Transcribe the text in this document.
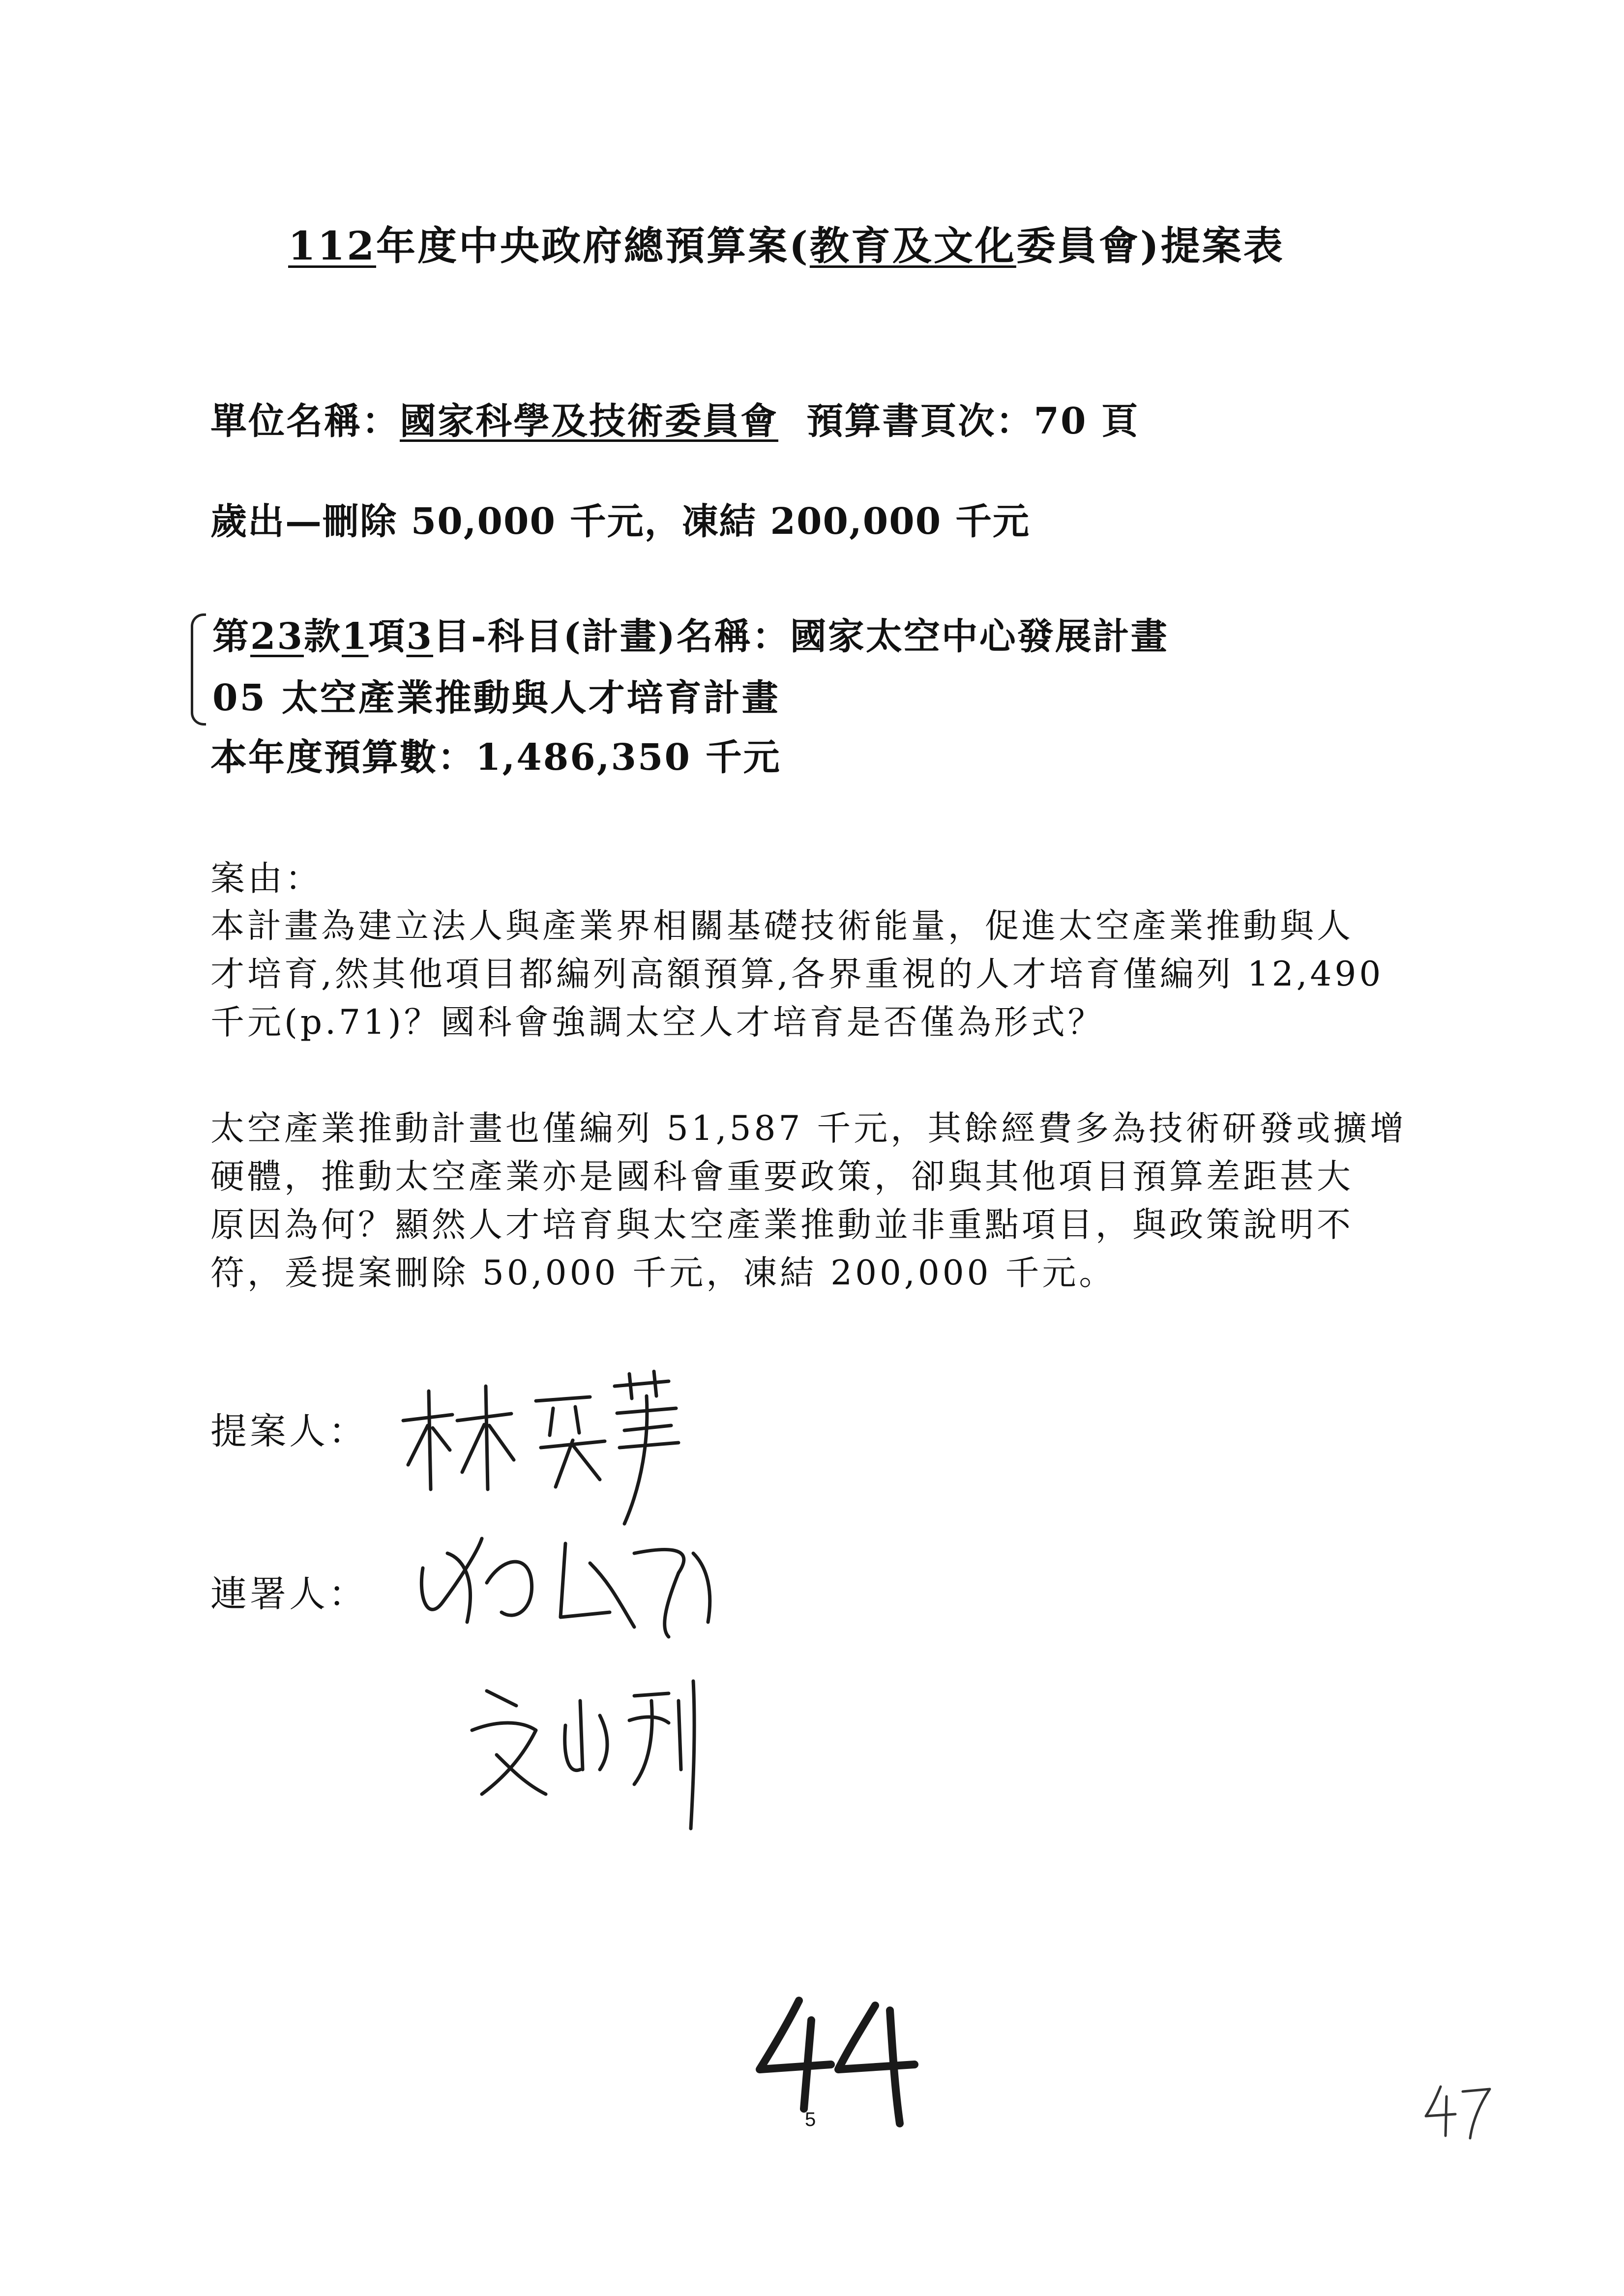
112年度中央政府總預算案(教育及文化委員會)提案表
單位名稱：國家科學及技術委員會 預算書頁次：70 頁
歲出—刪除 50,000 千元，凍結 200,000 千元
第23款1項3目-科目(計畫)名稱：國家太空中心發展計畫
05 太空產業推動與人才培育計畫
本年度預算數：1,486,350 千元
案由：
本計畫為建立法人與產業界相關基礎技術能量，促進太空產業推動與人
才培育,然其他項目都編列高額預算,各界重視的人才培育僅編列 12,490
千元(p.71)？國科會強調太空人才培育是否僅為形式？
太空產業推動計畫也僅編列 51,587 千元，其餘經費多為技術研發或擴增
硬體，推動太空產業亦是國科會重要政策，卻與其他項目預算差距甚大
原因為何？顯然人才培育與太空產業推動並非重點項目，與政策說明不
符，爰提案刪除 50,000 千元，凍結 200,000 千元。
提案人：
連署人：
5
